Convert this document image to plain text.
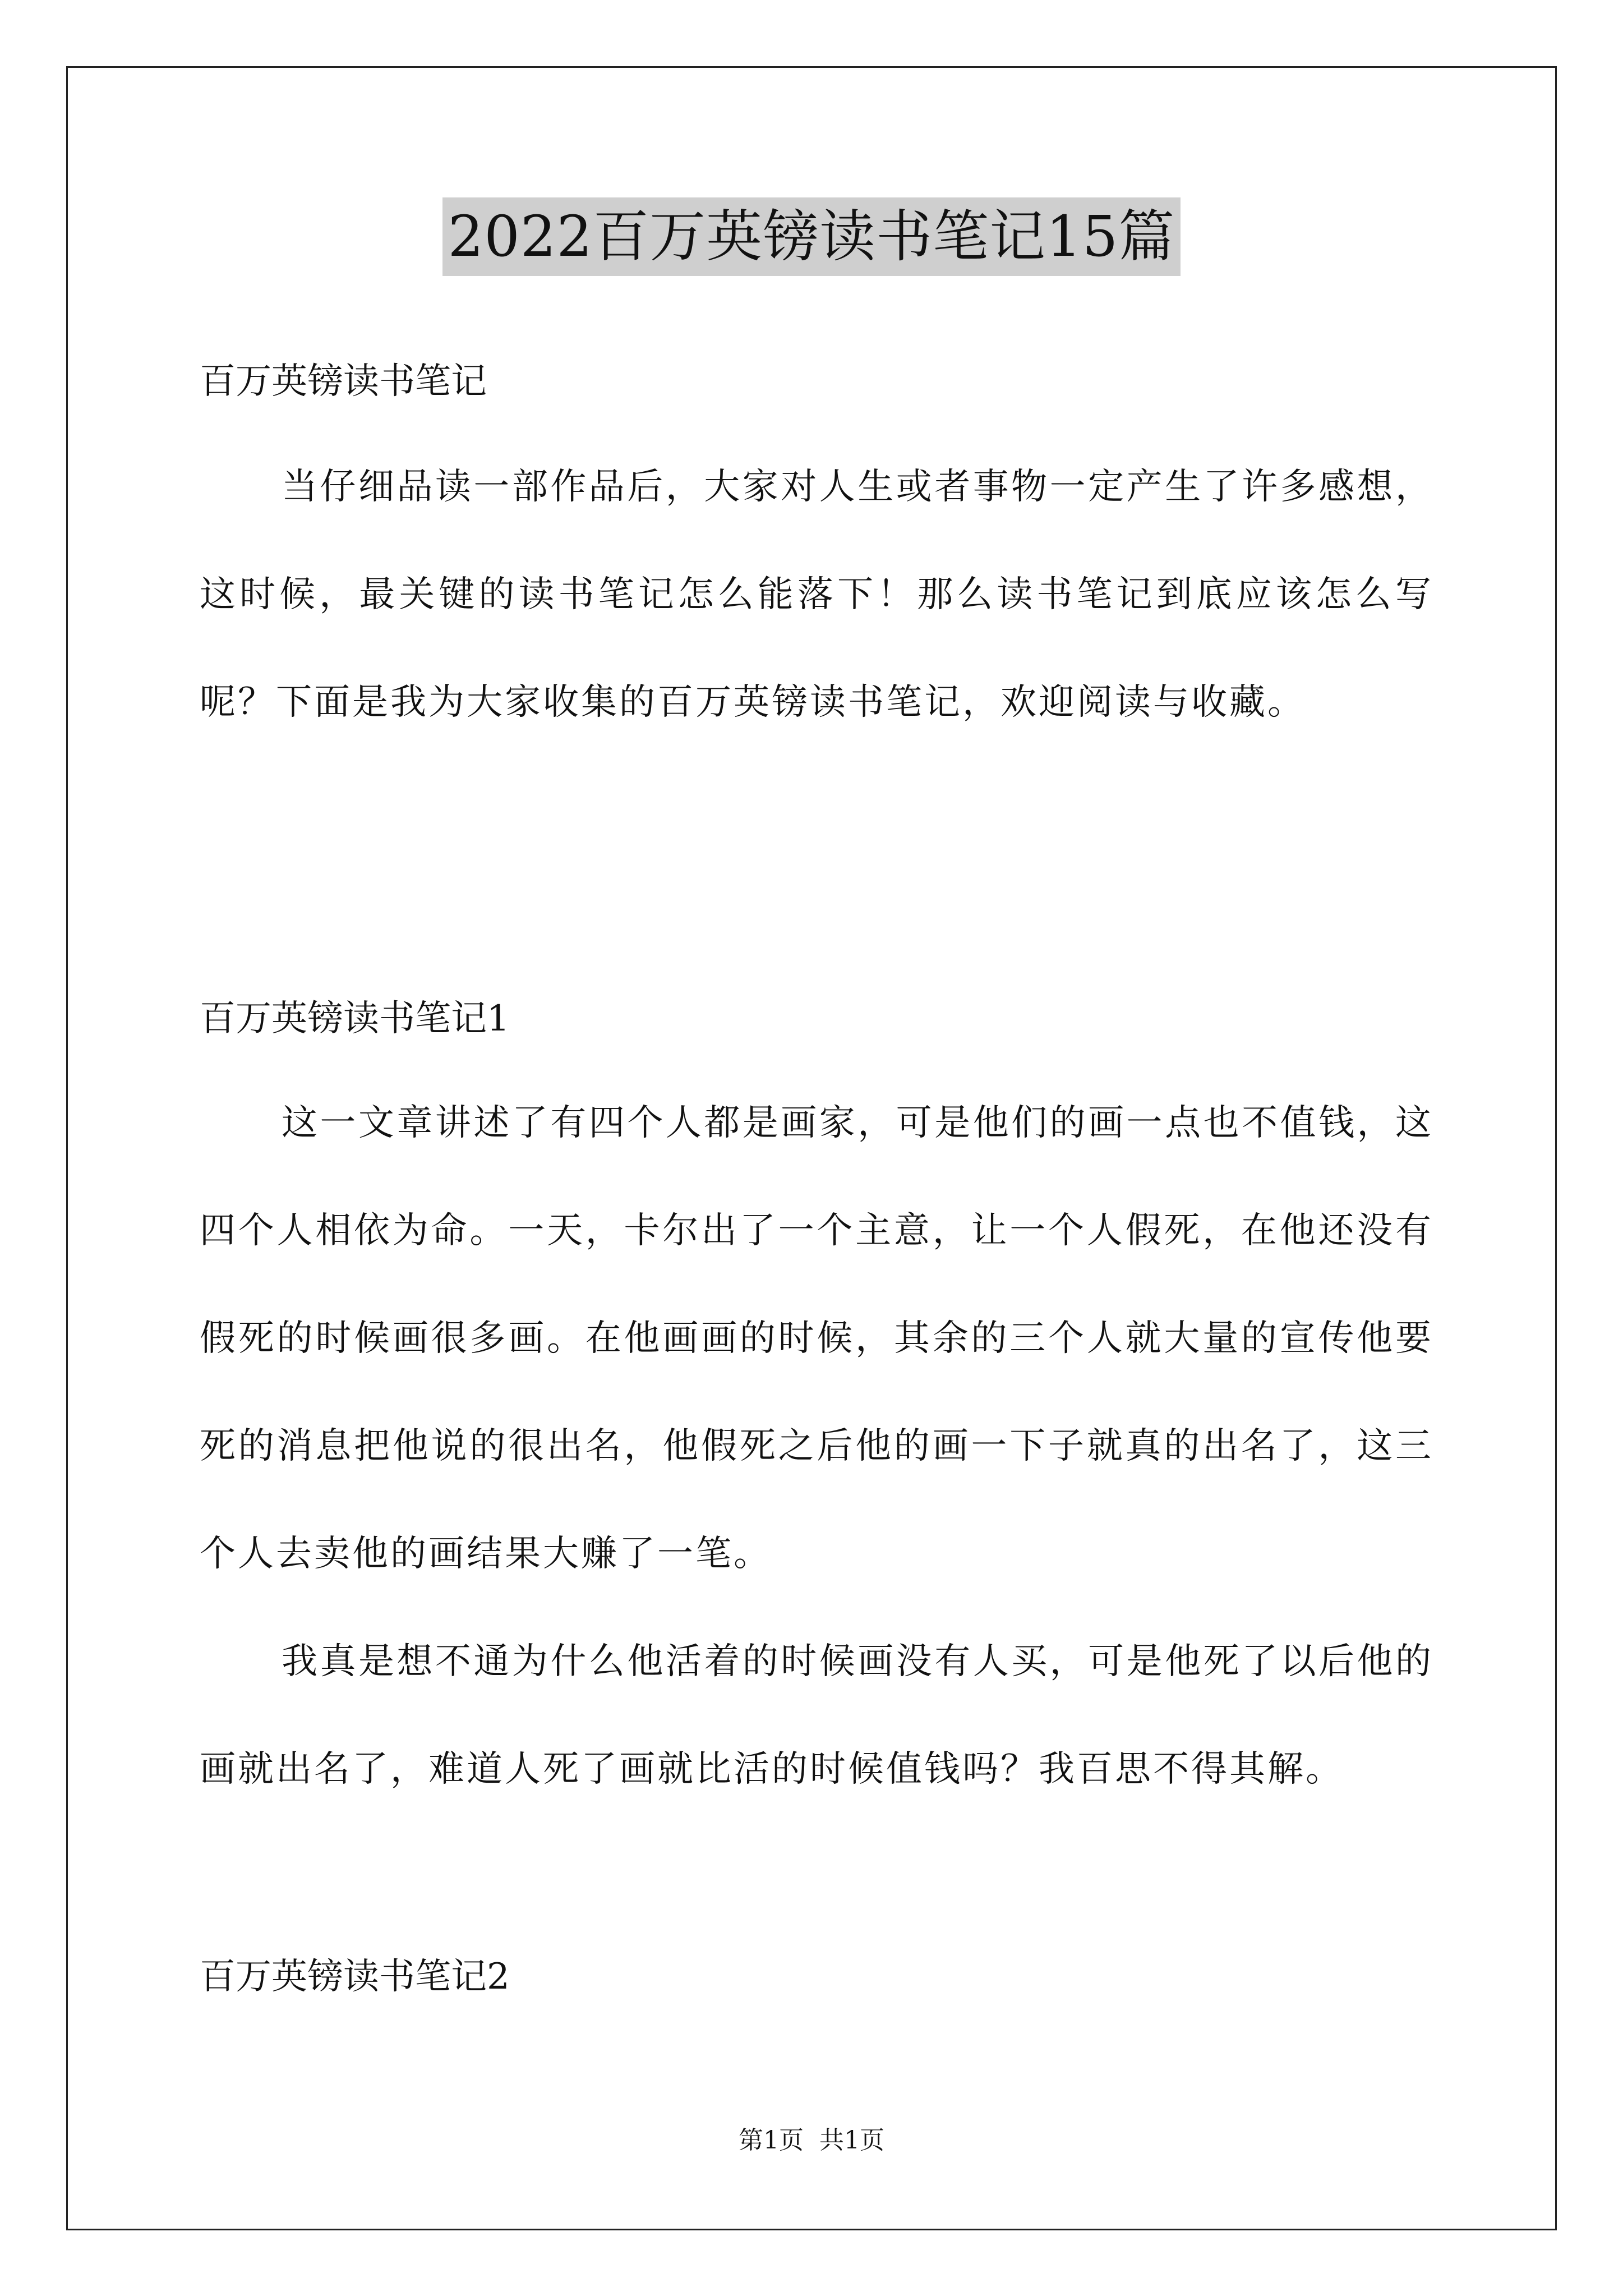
2022百万英镑读书笔记15篇
百万英镑读书笔记

当仔细品读一部作品后，大家对人生或者事物一定产生了许多感想，这时候，最关键的读书笔记怎么能落下！那么读书笔记到底应该怎么写呢？下面是我为大家收集的百万英镑读书笔记，欢迎阅读与收藏。

百万英镑读书笔记1

这一文章讲述了有四个人都是画家，可是他们的画一点也不值钱，这四个人相依为命。一天，卡尔出了一个主意，让一个人假死，在他还没有假死的时候画很多画。在他画画的时候，其余的三个人就大量的宣传他要死的消息把他说的很出名，他假死之后他的画一下子就真的出名了，这三个人去卖他的画结果大赚了一笔。

我真是想不通为什么他活着的时候画没有人买，可是他死了以后他的画就出名了，难道人死了画就比活的时候值钱吗？我百思不得其解。

百万英镑读书笔记2
第1页 共1页
